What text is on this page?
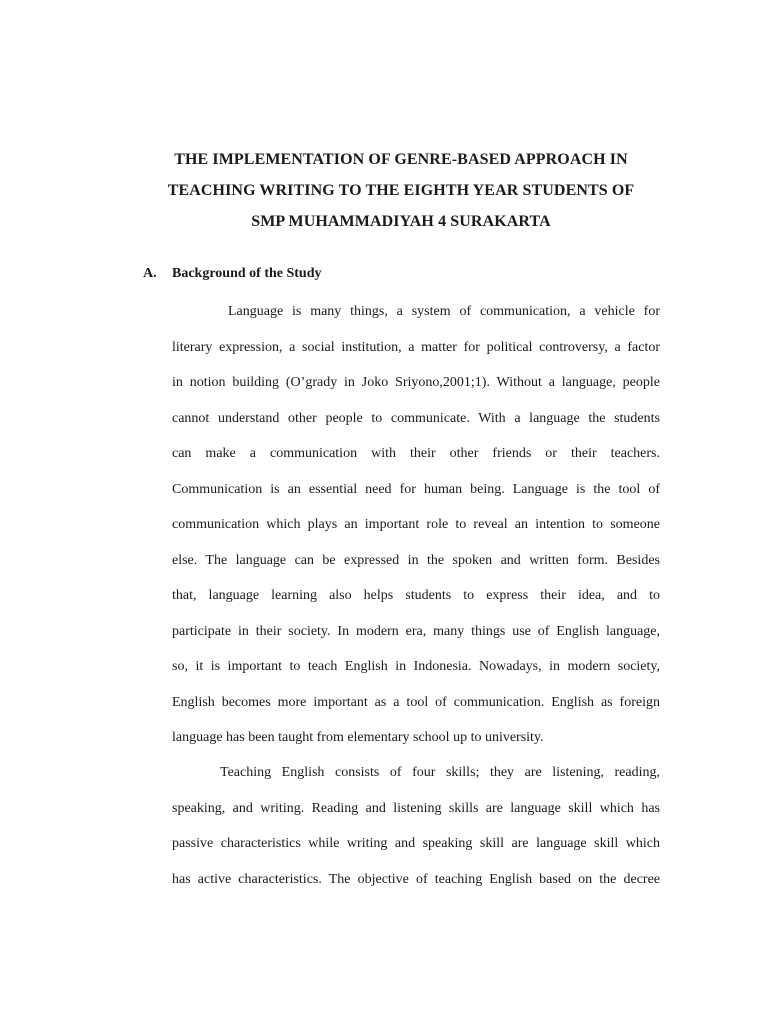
THE IMPLEMENTATION OF GENRE-BASED APPROACH IN
TEACHING WRITING TO THE EIGHTH YEAR STUDENTS OF
SMP MUHAMMADIYAH 4 SURAKARTA
A. Background of the Study
Language is many things, a system of communication, a vehicle for
literary expression, a social institution, a matter for political controversy, a factor
in notion building (O’grady in Joko Sriyono,2001;1). Without a language, people
cannot understand other people to communicate. With a language the students
can make a communication with their other friends or their teachers.
Communication is an essential need for human being. Language is the tool of
communication which plays an important role to reveal an intention to someone
else. The language can be expressed in the spoken and written form. Besides
that, language learning also helps students to express their idea, and to
participate in their society. In modern era, many things use of English language,
so, it is important to teach English in Indonesia. Nowadays, in modern society,
English becomes more important as a tool of communication. English as foreign
language has been taught from elementary school up to university.
Teaching English consists of four skills; they are listening, reading,
speaking, and writing. Reading and listening skills are language skill which has
passive characteristics while writing and speaking skill are language skill which
has active characteristics. The objective of teaching English based on the decree
